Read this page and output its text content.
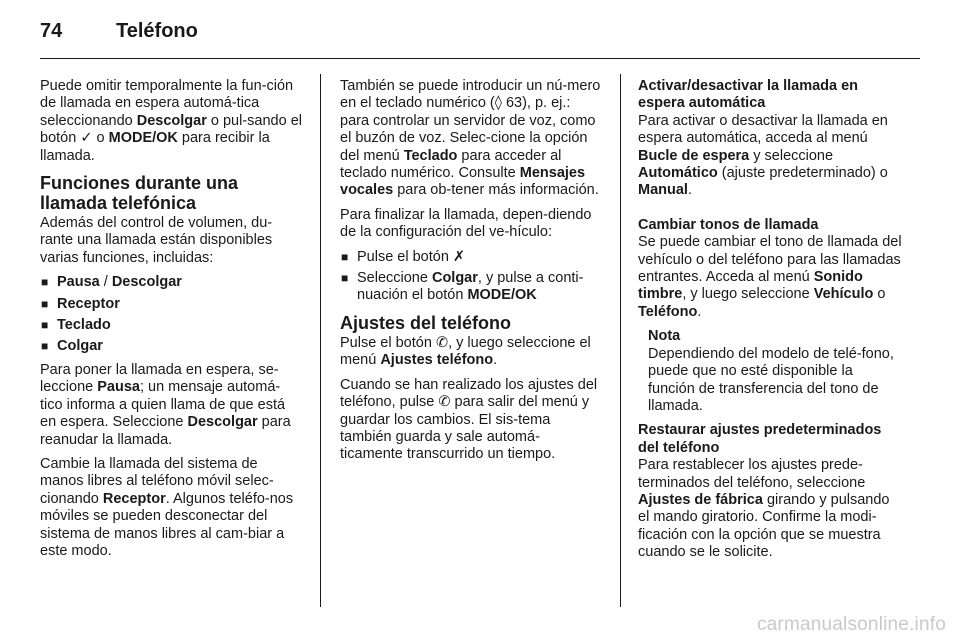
74	Teléfono

Puede omitir temporalmente la fun-ción de llamada en espera automá-tica seleccionando Descolgar o pul-sando el botón ✓ o MODE/OK para recibir la llamada.

Funciones durante una llamada telefónica

Además del control de volumen, du-rante una llamada están disponibles varias funciones, incluidas:

■ Pausa / Descolgar
■ Receptor
■ Teclado
■ Colgar

Para poner la llamada en espera, se-leccione Pausa; un mensaje automá-tico informa a quien llama de que está en espera. Seleccione Descolgar para reanudar la llamada.

Cambie la llamada del sistema de manos libres al teléfono móvil selec-cionando Receptor. Algunos teléfo-nos móviles se pueden desconectar del sistema de manos libres al cam-biar a este modo.

También se puede introducir un nú-mero en el teclado numérico (◊ 63), p. ej.: para controlar un servidor de voz, como el buzón de voz. Selec-cione la opción del menú Teclado para acceder al teclado numérico. Consulte Mensajes vocales para ob-tener más información.

Para finalizar la llamada, depen-diendo de la configuración del ve-hículo:

■ Pulse el botón ✗
■ Seleccione Colgar, y pulse a conti-nuación el botón MODE/OK
Ajustes del teléfono

Pulse el botón ✆, y luego seleccione el menú Ajustes teléfono.

Cuando se han realizado los ajustes del teléfono, pulse ✆ para salir del menú y guardar los cambios. El sis-tema también guarda y sale automá-ticamente transcurrido un tiempo.

Activar/desactivar la llamada en espera automática

Para activar o desactivar la llamada en espera automática, acceda al menú Bucle de espera y seleccione Automático (ajuste predeterminado) o Manual.

Cambiar tonos de llamada

Se puede cambiar el tono de llamada del vehículo o del teléfono para las llamadas entrantes. Acceda al menú Sonido timbre, y luego seleccione Vehículo o Teléfono.

Nota
Dependiendo del modelo de telé-fono, puede que no esté disponible la función de transferencia del tono de llamada.
Restaurar ajustes predeterminados del teléfono

Para restablecer los ajustes prede-terminados del teléfono, seleccione Ajustes de fábrica girando y pulsando el mando giratorio. Confirme la modi-ficación con la opción que se muestra cuando se le solicite.

carmanualsonline.info
